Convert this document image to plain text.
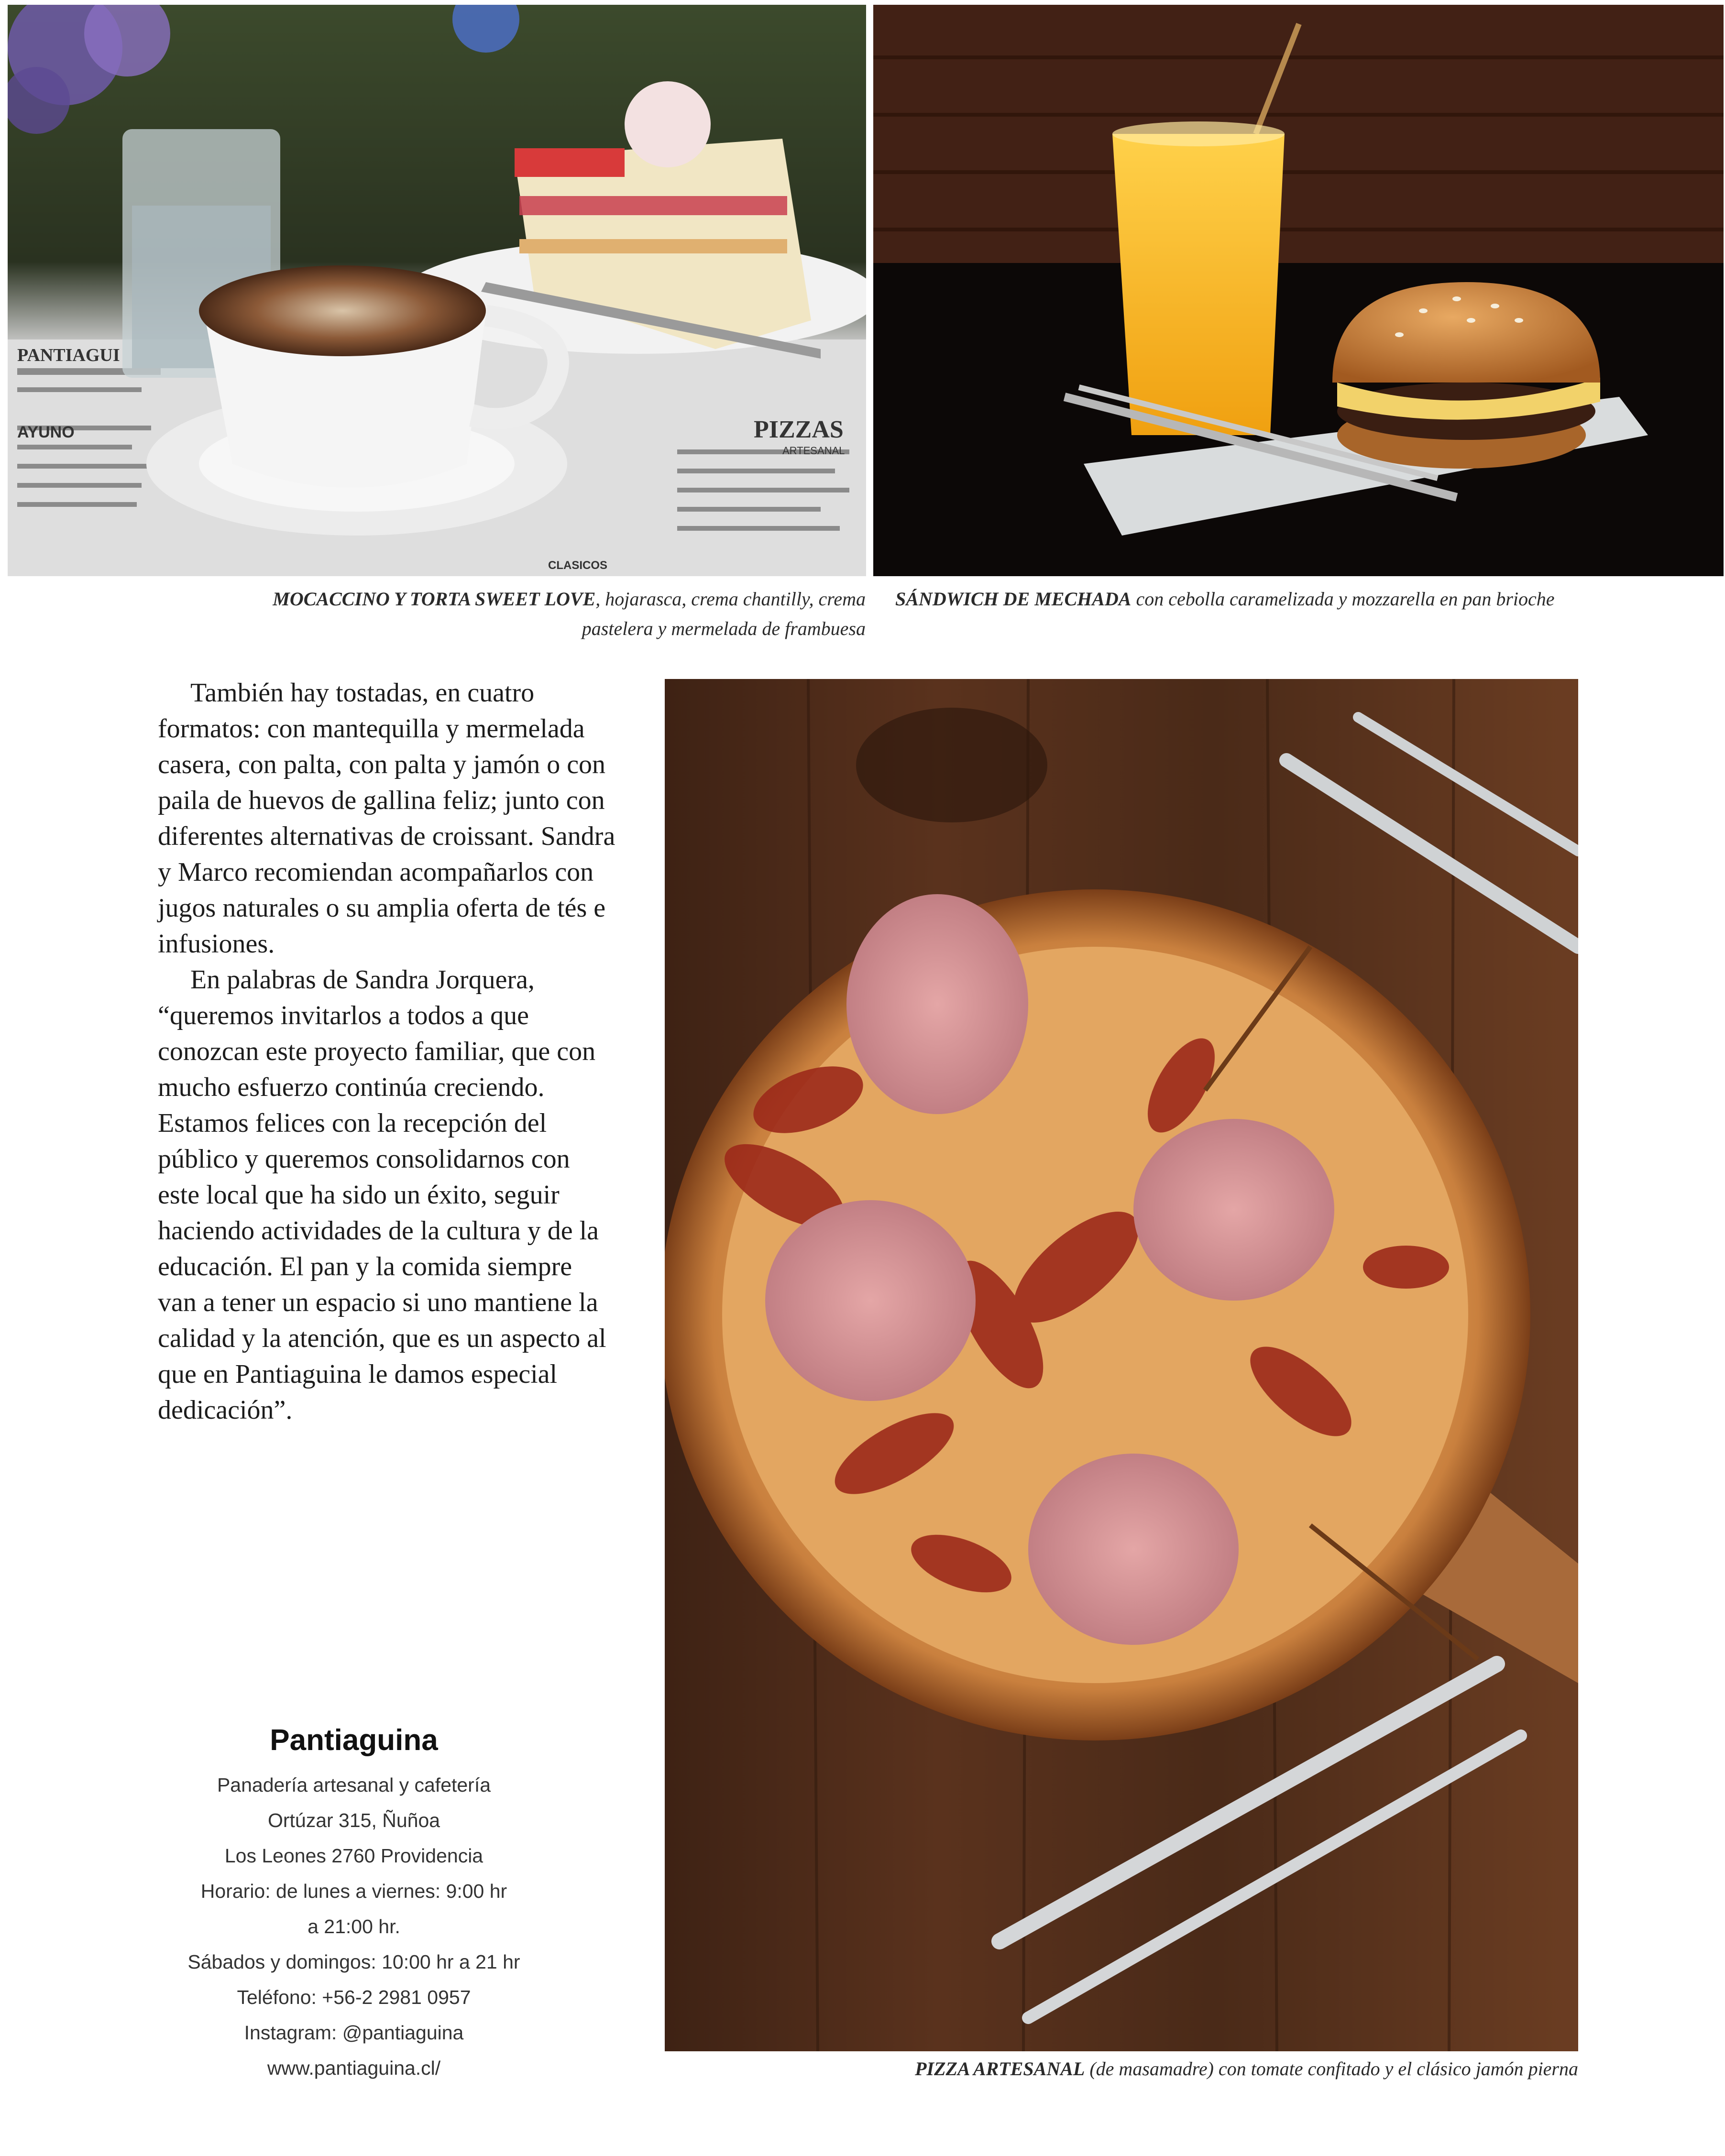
PANTIAGUI
AYUNO	PIZZAS
ARTESANAL
CLASICOS

MOCACCINO Y TORTA SWEET LOVE, hojarasca, crema chantilly, crema
pastelera y mermelada de frambuesa

SÁNDWICH DE MECHADA con cebolla caramelizada y mozzarella en pan brioche

También hay tostadas, en cuatro formatos: con mantequilla y mermelada casera, con palta, con palta y jamón o con paila de huevos de gallina feliz; junto con diferentes alternativas de croissant. Sandra y Marco recomiendan acompañarlos con jugos naturales o su amplia oferta de tés e infusiones.

En palabras de Sandra Jorquera, “queremos invitarlos a todos a que conozcan este proyecto familiar, que con mucho esfuerzo continúa creciendo. Estamos felices con la recepción del público y queremos consolidarnos con este local que ha sido un éxito, seguir haciendo actividades de la cultura y de la educación. El pan y la comida siempre van a tener un espacio si uno mantiene la calidad y la atención, que es un aspecto al que en Pantiaguina le damos especial dedicación”.

Pantiaguina

Panadería artesanal y cafetería

Ortúzar 315, Ñuñoa

Los Leones 2760 Providencia

Horario: de lunes a viernes: 9:00 hr

a 21:00 hr.

Sábados y domingos: 10:00 hr a 21 hr

Teléfono: +56-2 2981 0957

Instagram: @pantiaguina

www.pantiaguina.cl/	PIZZA ARTESANAL (de masamadre) con tomate confitado y el clásico jamón pierna
